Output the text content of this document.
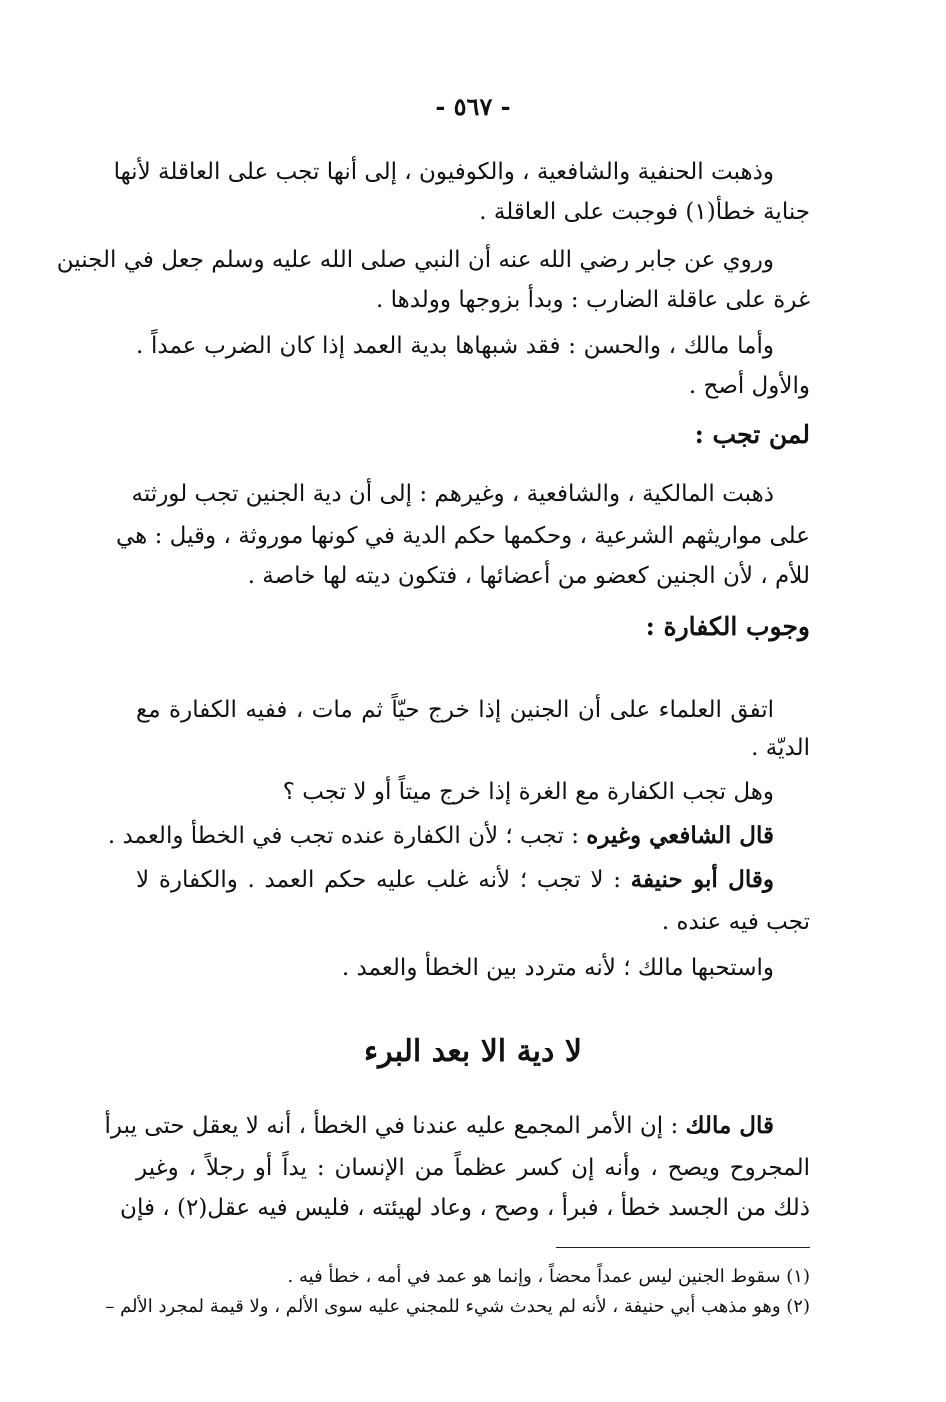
- ٥٦٧ -
وذهبت الحنفية والشافعية ، والكوفيون ، إلى أنها تجب على العاقلة لأنها
جناية خطأ(١) فوجبت على العاقلة .
وروي عن جابر رضي الله عنه أن النبي صلى الله عليه وسلم جعل في الجنين
غرة على عاقلة الضارب : وبدأ بزوجها وولدها .
وأما مالك ، والحسن : فقد شبهاها بدية العمد إذا كان الضرب عمداً .
والأول أصح .
لمن تجب :
ذهبت المالكية ، والشافعية ، وغيرهم : إلى أن دية الجنين تجب لورثته
على مواريثهم الشرعية ، وحكمها حكم الدية في كونها موروثة ، وقيل : هي
للأم ، لأن الجنين كعضو من أعضائها ، فتكون ديته لها خاصة .
وجوب الكفارة :
اتفق العلماء على أن الجنين إذا خرج حيّاً ثم مات ، ففيه الكفارة مع
الديّة .
وهل تجب الكفارة مع الغرة إذا خرج ميتاً أو لا تجب ؟
قال الشافعي وغيره : تجب ؛ لأن الكفارة عنده تجب في الخطأ والعمد .
وقال أبو حنيفة : لا تجب ؛ لأنه غلب عليه حكم العمد . والكفارة لا
تجب فيه عنده .
واستحبها مالك ؛ لأنه متردد بين الخطأ والعمد .
لا دية الا بعد البرء
قال مالك : إن الأمر المجمع عليه عندنا في الخطأ ، أنه لا يعقل حتى يبرأ
المجروح ويصح ، وأنه إن كسر عظماً من الإنسان : يداً أو رجلاً ، وغير
ذلك من الجسد خطأ ، فبرأ ، وصح ، وعاد لهيئته ، فليس فيه عقل(٢) ، فإن
(١) سقوط الجنين ليس عمداً محضاً ، وإنما هو عمد في أمه ، خطأ فيه .
(٢) وهو مذهب أبي حنيفة ، لأنه لم يحدث شيء للمجني عليه سوى الألم ، ولا قيمة لمجرد الألم –
